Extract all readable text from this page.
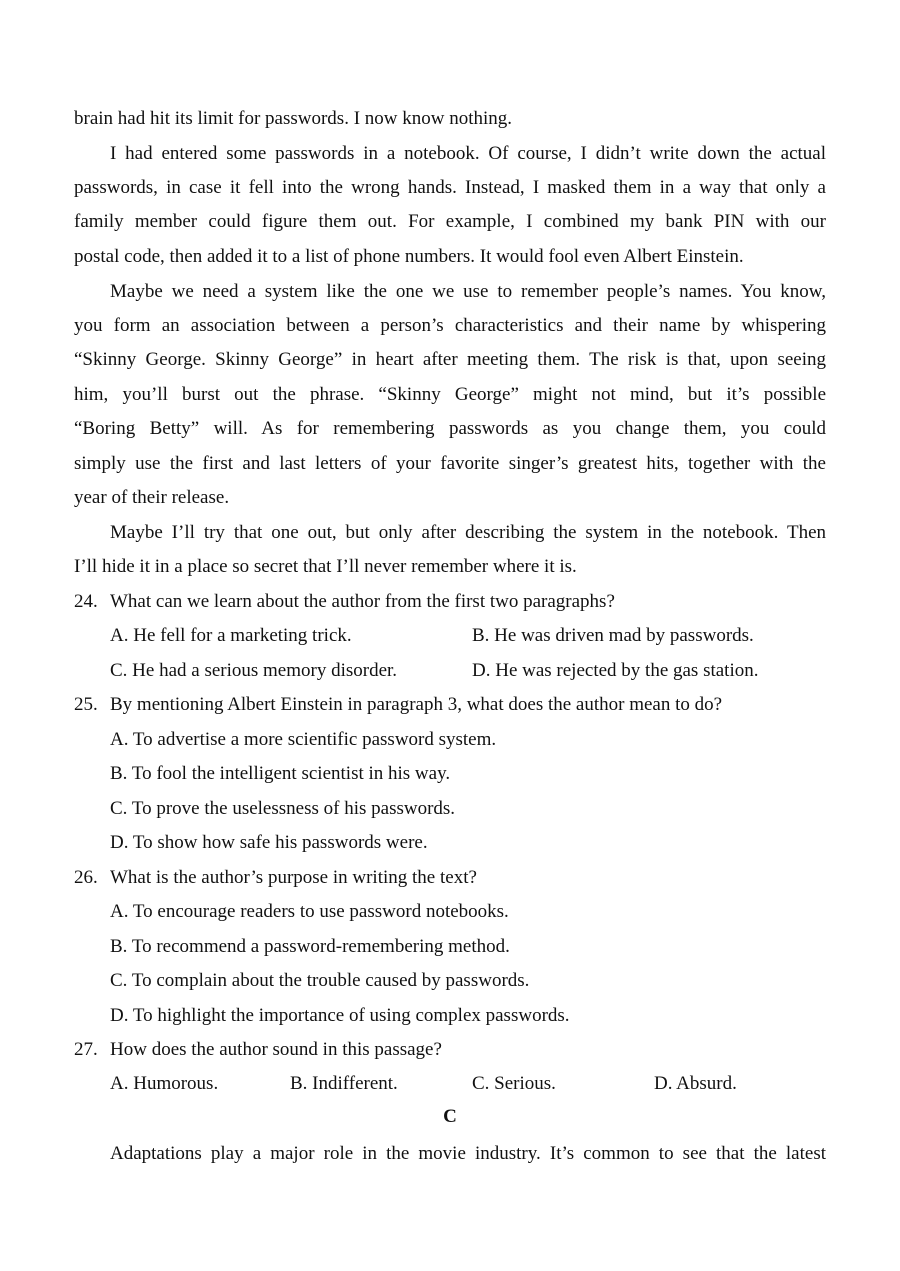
brain had hit its limit for passwords. I now know nothing.
I had entered some passwords in a notebook. Of course, I didn’t write down the actual
passwords, in case it fell into the wrong hands. Instead, I masked them in a way that only a
family member could figure them out. For example, I combined my bank PIN with our
postal code, then added it to a list of phone numbers. It would fool even Albert Einstein.
Maybe we need a system like the one we use to remember people’s names. You know,
you form an association between a person’s characteristics and their name by whispering
“Skinny George. Skinny George” in heart after meeting them. The risk is that, upon seeing
him, you’ll burst out the phrase. “Skinny George” might not mind, but it’s possible
“Boring Betty” will. As for remembering passwords as you change them, you could
simply use the first and last letters of your favorite singer’s greatest hits, together with the
year of their release.
Maybe I’ll try that one out, but only after describing the system in the notebook. Then
I’ll hide it in a place so secret that I’ll never remember where it is.
24. What can we learn about the author from the first two paragraphs?
A. He fell for a marketing trick.	B. He was driven mad by passwords.
C. He had a serious memory disorder.	D. He was rejected by the gas station.
25. By mentioning Albert Einstein in paragraph 3, what does the author mean to do?
A. To advertise a more scientific password system.
B. To fool the intelligent scientist in his way.
C. To prove the uselessness of his passwords.
D. To show how safe his passwords were.
26. What is the author’s purpose in writing the text?
A. To encourage readers to use password notebooks.
B. To recommend a password-remembering method.
C. To complain about the trouble caused by passwords.
D. To highlight the importance of using complex passwords.
27. How does the author sound in this passage?
A. Humorous.	B. Indifferent.	C. Serious.	D. Absurd.
C
Adaptations play a major role in the movie industry. It’s common to see that the latest
